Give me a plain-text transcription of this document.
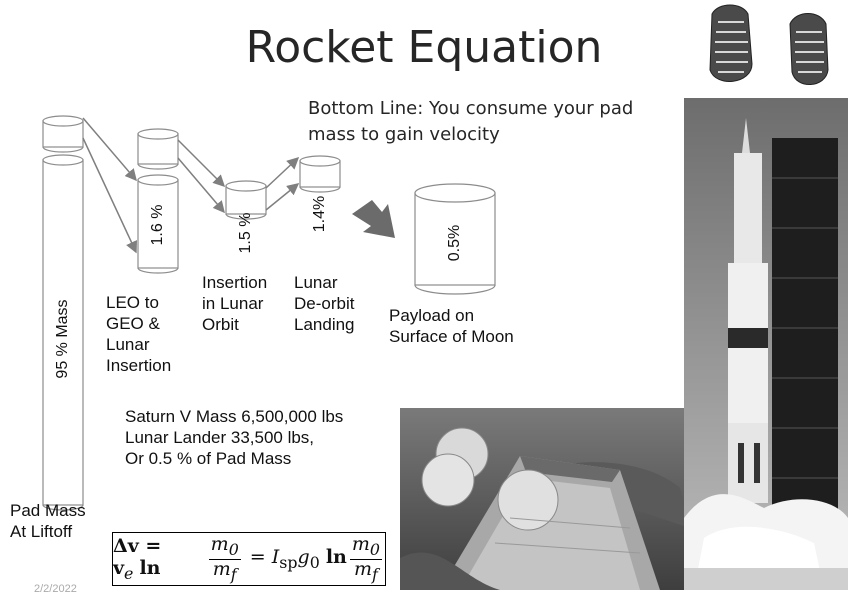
Rocket Equation
Bottom Line: You consume your pad mass to gain velocity
95 % Mass
1.6 %	1.5 %	1.4%
0.5%
LEO to
GEO &
Lunar
Insertion
Insertion
in Lunar
Orbit
Lunar
De-orbit
Landing Payload on
Surface of Moon
Pad Mass
At Liftoff
Saturn V Mass 6,500,000 lbs
Lunar Lander 33,500 lbs,
Or 0.5 % of Pad Mass
$\Delta v = v_e$ ln	$\frac{m_0}{m_f} = I_{sp}g_0$ $\ln \frac{m_0}{m_f}$
2/2/2022
